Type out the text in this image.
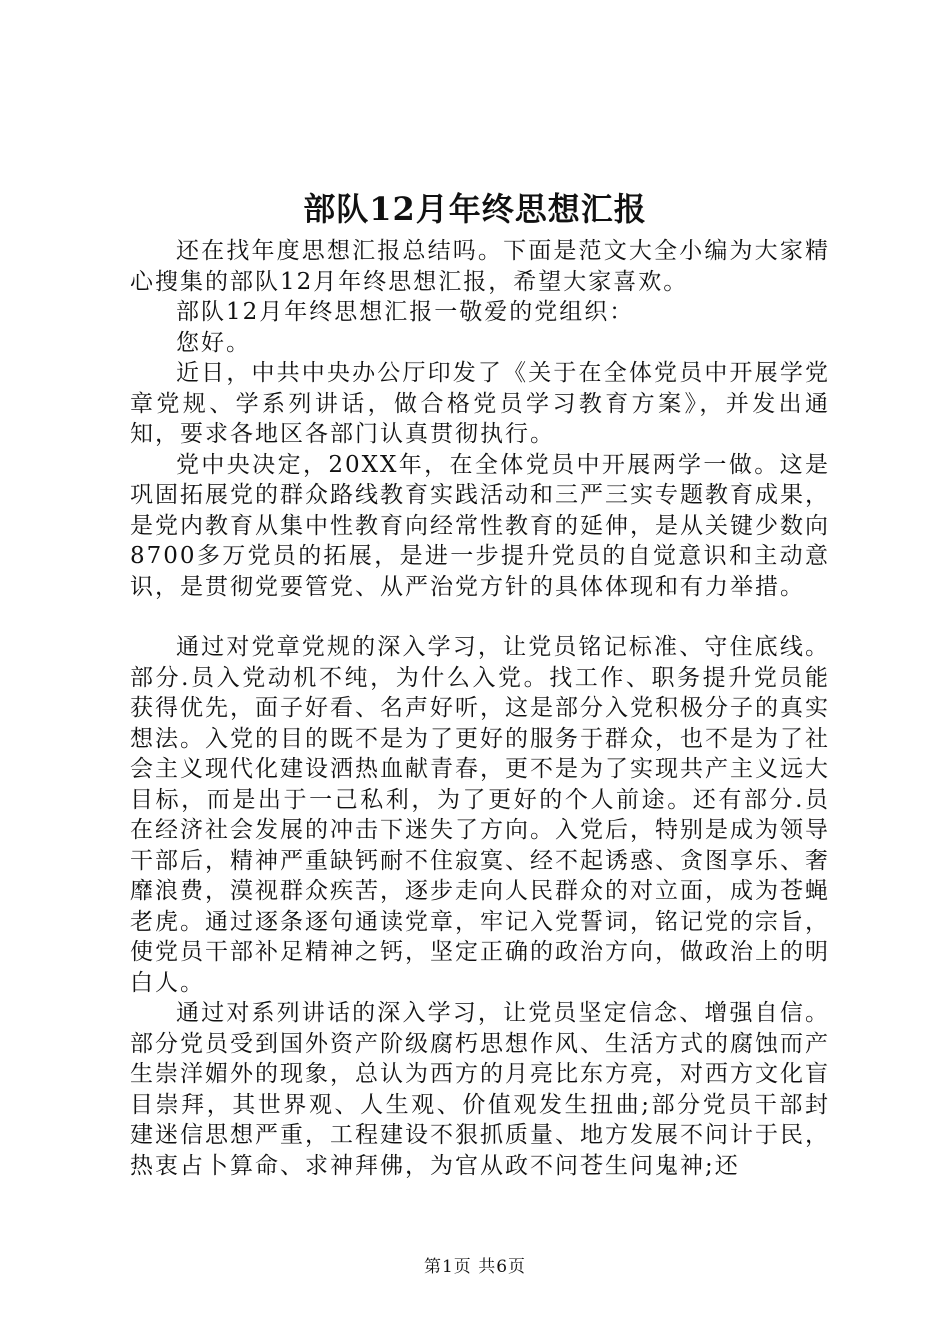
部队12月年终思想汇报

还在找年度思想汇报总结吗。下面是范文大全小编为大家精心搜集的部队12月年终思想汇报，希望大家喜欢。

部队12月年终思想汇报一敬爱的党组织：

您好。

近日，中共中央办公厅印发了《关于在全体党员中开展学党章党规、学系列讲话，做合格党员学习教育方案》，并发出通知，要求各地区各部门认真贯彻执行。

党中央决定，20XX年，在全体党员中开展两学一做。这是巩固拓展党的群众路线教育实践活动和三严三实专题教育成果，是党内教育从集中性教育向经常性教育的延伸，是从关键少数向8700多万党员的拓展，是进一步提升党员的自觉意识和主动意识，是贯彻党要管党、从严治党方针的具体体现和有力举措。

通过对党章党规的深入学习，让党员铭记标准、守住底线。部分.员入党动机不纯，为什么入党。找工作、职务提升党员能获得优先，面子好看、名声好听，这是部分入党积极分子的真实想法。入党的目的既不是为了更好的服务于群众，也不是为了社会主义现代化建设洒热血献青春，更不是为了实现共产主义远大目标，而是出于一己私利，为了更好的个人前途。还有部分.员在经济社会发展的冲击下迷失了方向。入党后，特别是成为领导干部后，精神严重缺钙耐不住寂寞、经不起诱惑、贪图享乐、奢靡浪费，漠视群众疾苦，逐步走向人民群众的对立面，成为苍蝇老虎。通过逐条逐句通读党章，牢记入党誓词，铭记党的宗旨，使党员干部补足精神之钙，坚定正确的政治方向，做政治上的明白人。

通过对系列讲话的深入学习，让党员坚定信念、增强自信。部分党员受到国外资产阶级腐朽思想作风、生活方式的腐蚀而产生崇洋媚外的现象，总认为西方的月亮比东方亮，对西方文化盲目崇拜，其世界观、人生观、价值观发生扭曲;部分党员干部封建迷信思想严重，工程建设不狠抓质量、地方发展不问计于民，热衷占卜算命、求神拜佛，为官从政不问苍生问鬼神;还

第1页 共6页
